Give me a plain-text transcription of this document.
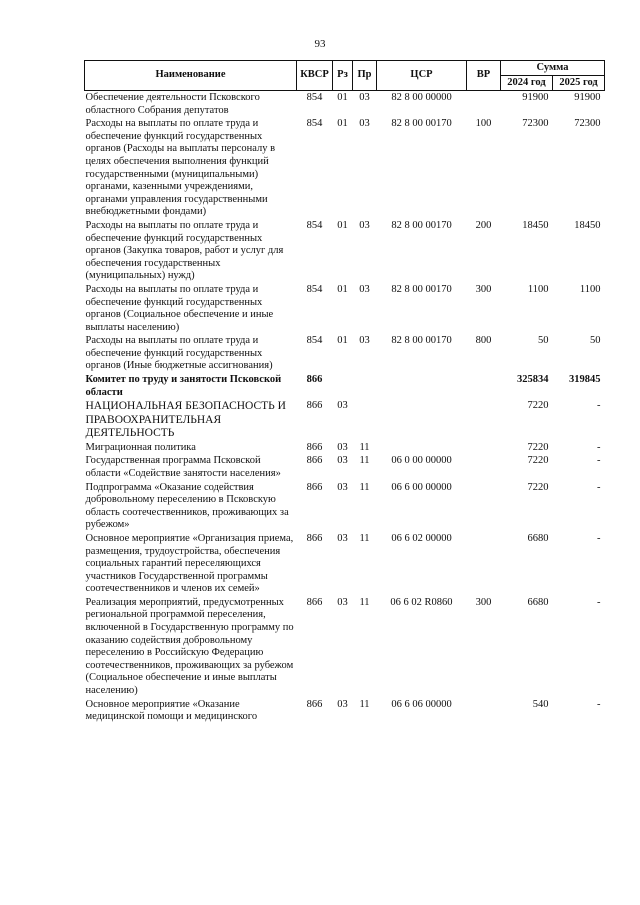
93
Наименование	КВСР	Рз	Пр	ЦСР	ВР	Сумма	
						2024 год	2025 год
Обеспечение деятельности Псковского областного Собрания депутатов	854	01	03	82 8 00 00000		91900	91900
Расходы на выплаты по оплате труда и обеспечение функций государственных органов (Расходы на выплаты персоналу в целях обеспечения выполнения функций государственными (муниципальными) органами, казенными учреждениями, органами управления государственными внебюджетными фондами)	854	01	03	82 8 00 00170	100	72300	72300
Расходы на выплаты по оплате труда и обеспечение функций государственных органов (Закупка товаров, работ и услуг для обеспечения государственных (муниципальных) нужд)	854	01	03	82 8 00 00170	200	18450	18450
Расходы на выплаты по оплате труда и обеспечение функций государственных органов (Социальное обеспечение и иные выплаты населению)	854	01	03	82 8 00 00170	300	1100	1100
Расходы на выплаты по оплате труда и обеспечение функций государственных органов (Иные бюджетные ассигнования)	854	01	03	82 8 00 00170	800	50	50
Комитет по труду и занятости Псковской области	866					325834	319845
НАЦИОНАЛЬНАЯ БЕЗОПАСНОСТЬ И ПРАВООХРАНИТЕЛЬНАЯ ДЕЯТЕЛЬНОСТЬ	866	03				7220	-
Миграционная политика	866	03	11			7220	-
Государственная программа Псковской области «Содействие занятости населения»	866	03	11	06 0 00 00000		7220	-
Подпрограмма «Оказание содействия добровольному переселению в Псковскую область соотечественников, проживающих за рубежом»	866	03	11	06 6 00 00000		7220	-
Основное мероприятие «Организация приема, размещения, трудоустройства, обеспечения социальных гарантий переселяющихся участников Государственной программы соотечественников и членов их семей»	866	03	11	06 6 02 00000		6680	-
Реализация мероприятий, предусмотренных региональной программой переселения, включенной в Государственную программу по оказанию содействия добровольному переселению в Российскую Федерацию соотечественников, проживающих за рубежом (Социальное обеспечение и иные выплаты населению)	866	03	11	06 6 02 R0860	300	6680	-
Основное мероприятие «Оказание медицинской помощи и медицинского	866	03	11	06 6 06 00000		540	-
